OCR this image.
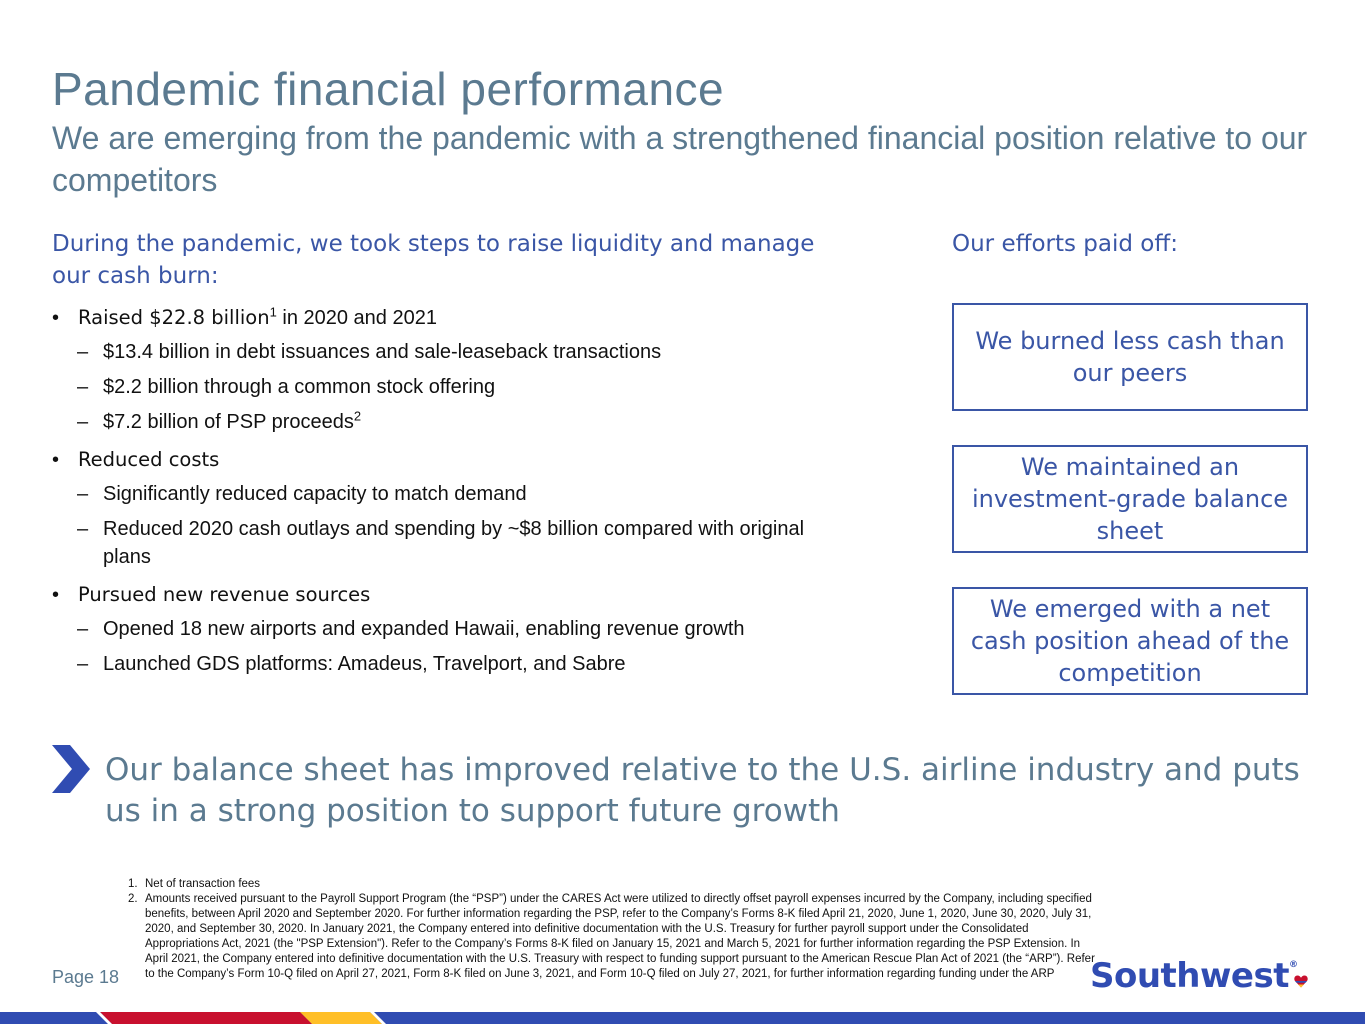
Pandemic financial performance

We are emerging from the pandemic with a strengthened financial position relative to our competitors

During the pandemic, we took steps to raise liquidity and manage our cash burn:
Our efforts paid off:
• Raised $22.8 billion$^1$ in 2020 and 2021
– $13.4 billion in debt issuances and sale-leaseback transactions
– $2.2 billion through a common stock offering
– $7.2 billion of PSP proceeds$^2$
• Reduced costs
– Significantly reduced capacity to match demand
– Reduced 2020 cash outlays and spending by ~$8 billion compared with original plans
• Pursued new revenue sources
– Opened 18 new airports and expanded Hawaii, enabling revenue growth
– Launched GDS platforms: Amadeus, Travelport, and Sabre
We burned less cash than our peers
We maintained an investment-grade balance sheet
We emerged with a net cash position ahead of the competition

Our balance sheet has improved relative to the U.S. airline industry and puts us in a strong position to support future growth

1. Net of transaction fees
2. Amounts received pursuant to the Payroll Support Program (the “PSP”) under the CARES Act were utilized to directly offset payroll expenses incurred by the Company, including specified benefits, between April 2020 and September 2020. For further information regarding the PSP, refer to the Company’s Forms 8-K filed April 21, 2020, June 1, 2020, June 30, 2020, July 31, 2020, and September 30, 2020. In January 2021, the Company entered into definitive documentation with the U.S. Treasury for further payroll support under the Consolidated Appropriations Act, 2021 (the "PSP Extension"). Refer to the Company’s Forms 8-K filed on January 15, 2021 and March 5, 2021 for further information regarding the PSP Extension. In April 2021, the Company entered into definitive documentation with the U.S. Treasury with respect to funding support pursuant to the American Rescue Plan Act of 2021 (the “ARP”). Refer to the Company’s Form 10-Q filed on April 27, 2021, Form 8-K filed on June 3, 2021, and Form 10-Q filed on July 27, 2021, for further information regarding funding under the ARP
Page 18	Southwest®
